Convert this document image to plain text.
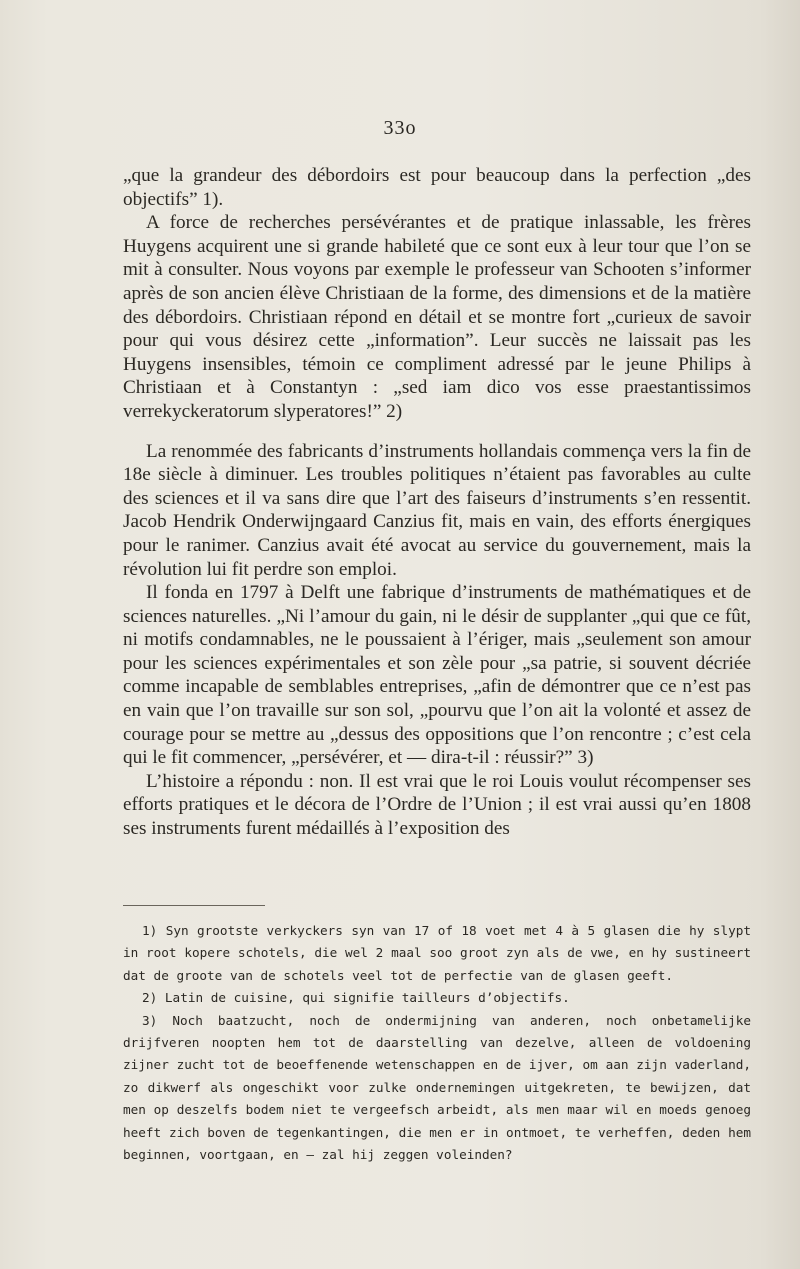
33o

„que la grandeur des débordoirs est pour beaucoup dans la perfection „des objectifs” 1).

A force de recherches persévérantes et de pratique inlassable, les frères Huygens acquirent une si grande habileté que ce sont eux à leur tour que l’on se mit à consulter. Nous voyons par exemple le professeur van Schooten s’informer après de son ancien élève Christiaan de la forme, des dimensions et de la matière des débordoirs. Christiaan répond en détail et se montre fort „curieux de savoir pour qui vous désirez cette „information”. Leur succès ne laissait pas les Huygens insensibles, témoin ce compliment adressé par le jeune Philips à Christiaan et à Constantyn : „sed iam dico vos esse praestantissimos verrekyckeratorum slyperatores!” 2)

La renommée des fabricants d’instruments hollandais commença vers la fin de 18e siècle à diminuer. Les troubles politiques n’étaient pas favorables au culte des sciences et il va sans dire que l’art des faiseurs d’instruments s’en ressentit. Jacob Hendrik Onderwijngaard Canzius fit, mais en vain, des efforts énergiques pour le ranimer. Canzius avait été avocat au service du gouvernement, mais la révolution lui fit perdre son emploi.

Il fonda en 1797 à Delft une fabrique d’instruments de mathématiques et de sciences naturelles. „Ni l’amour du gain, ni le désir de supplanter „qui que ce fût, ni motifs condamnables, ne le poussaient à l’ériger, mais „seulement son amour pour les sciences expérimentales et son zèle pour „sa patrie, si souvent décriée comme incapable de semblables entreprises, „afin de démontrer que ce n’est pas en vain que l’on travaille sur son sol, „pourvu que l’on ait la volonté et assez de courage pour se mettre au „dessus des oppositions que l’on rencontre ; c’est cela qui le fit commencer, „persévérer, et — dira-t-il : réussir?” 3)

L’histoire a répondu : non. Il est vrai que le roi Louis voulut récompenser ses efforts pratiques et le décora de l’Ordre de l’Union ; il est vrai aussi qu’en 1808 ses instruments furent médaillés à l’exposition des

1) Syn grootste verkyckers syn van 17 of 18 voet met 4 à 5 glasen die hy slypt in root kopere schotels, die wel 2 maal soo groot zyn als de vwe, en hy sustineert dat de groote van de schotels veel tot de perfectie van de glasen geeft.

2) Latin de cuisine, qui signifie tailleurs d’objectifs.

3) Noch baatzucht, noch de ondermijning van anderen, noch onbetamelijke drijfveren noopten hem tot de daarstelling van dezelve, alleen de voldoening zijner zucht tot de beoeffenende wetenschappen en de ijver, om aan zijn vaderland, zo dikwerf als ongeschikt voor zulke ondernemingen uitgekreten, te bewijzen, dat men op deszelfs bodem niet te vergeefsch arbeidt, als men maar wil en moeds genoeg heeft zich boven de tegenkantingen, die men er in ontmoet, te verheffen, deden hem beginnen, voortgaan, en — zal hij zeggen voleinden?
